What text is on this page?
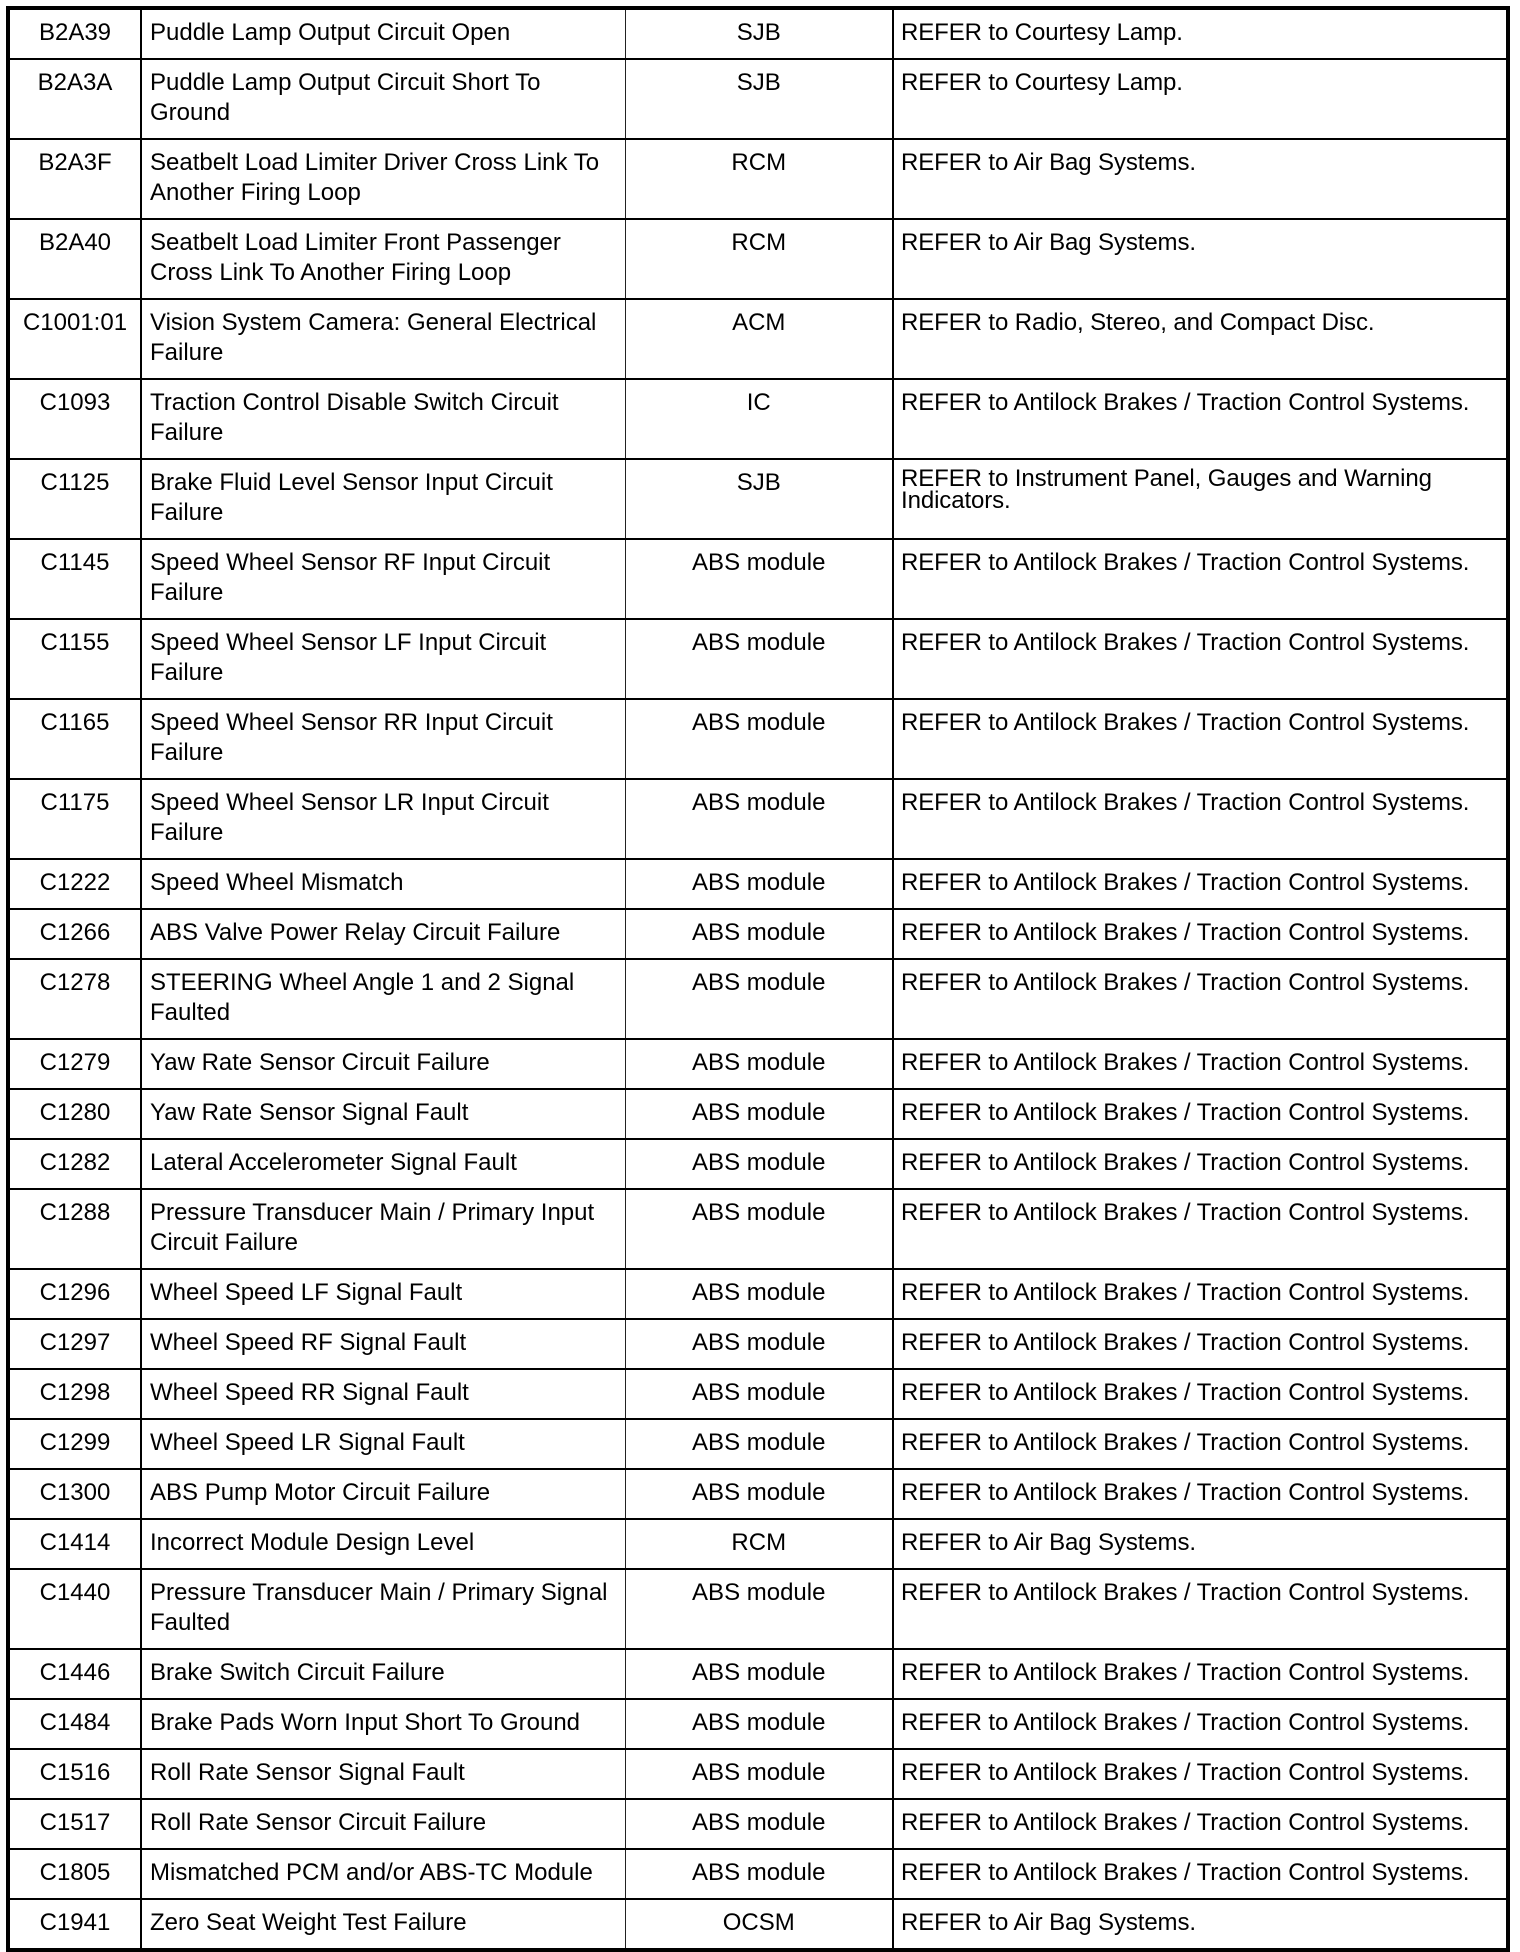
B2A39	Puddle Lamp Output Circuit Open	SJB	REFER to Courtesy Lamp.
B2A3A	Puddle Lamp Output Circuit Short To Ground	SJB	REFER to Courtesy Lamp.
B2A3F	Seatbelt Load Limiter Driver Cross Link To Another Firing Loop	RCM	REFER to Air Bag Systems.
B2A40	Seatbelt Load Limiter Front Passenger Cross Link To Another Firing Loop	RCM	REFER to Air Bag Systems.
C1001:01	Vision System Camera: General Electrical Failure	ACM	REFER to Radio, Stereo, and Compact Disc.
C1093	Traction Control Disable Switch Circuit Failure	IC	REFER to Antilock Brakes / Traction Control Systems.
C1125	Brake Fluid Level Sensor Input Circuit Failure	SJB	REFER to Instrument Panel, Gauges and Warning Indicators.
C1145	Speed Wheel Sensor RF Input Circuit Failure	ABS module	REFER to Antilock Brakes / Traction Control Systems.
C1155	Speed Wheel Sensor LF Input Circuit Failure	ABS module	REFER to Antilock Brakes / Traction Control Systems.
C1165	Speed Wheel Sensor RR Input Circuit Failure	ABS module	REFER to Antilock Brakes / Traction Control Systems.
C1175	Speed Wheel Sensor LR Input Circuit Failure	ABS module	REFER to Antilock Brakes / Traction Control Systems.
C1222	Speed Wheel Mismatch	ABS module	REFER to Antilock Brakes / Traction Control Systems.
C1266	ABS Valve Power Relay Circuit Failure	ABS module	REFER to Antilock Brakes / Traction Control Systems.
C1278	STEERING Wheel Angle 1 and 2 Signal Faulted	ABS module	REFER to Antilock Brakes / Traction Control Systems.
C1279	Yaw Rate Sensor Circuit Failure	ABS module	REFER to Antilock Brakes / Traction Control Systems.
C1280	Yaw Rate Sensor Signal Fault	ABS module	REFER to Antilock Brakes / Traction Control Systems.
C1282	Lateral Accelerometer Signal Fault	ABS module	REFER to Antilock Brakes / Traction Control Systems.
C1288	Pressure Transducer Main / Primary Input Circuit Failure	ABS module	REFER to Antilock Brakes / Traction Control Systems.
C1296	Wheel Speed LF Signal Fault	ABS module	REFER to Antilock Brakes / Traction Control Systems.
C1297	Wheel Speed RF Signal Fault	ABS module	REFER to Antilock Brakes / Traction Control Systems.
C1298	Wheel Speed RR Signal Fault	ABS module	REFER to Antilock Brakes / Traction Control Systems.
C1299	Wheel Speed LR Signal Fault	ABS module	REFER to Antilock Brakes / Traction Control Systems.
C1300	ABS Pump Motor Circuit Failure	ABS module	REFER to Antilock Brakes / Traction Control Systems.
C1414	Incorrect Module Design Level	RCM	REFER to Air Bag Systems.
C1440	Pressure Transducer Main / Primary Signal Faulted	ABS module	REFER to Antilock Brakes / Traction Control Systems.
C1446	Brake Switch Circuit Failure	ABS module	REFER to Antilock Brakes / Traction Control Systems.
C1484	Brake Pads Worn Input Short To Ground	ABS module	REFER to Antilock Brakes / Traction Control Systems.
C1516	Roll Rate Sensor Signal Fault	ABS module	REFER to Antilock Brakes / Traction Control Systems.
C1517	Roll Rate Sensor Circuit Failure	ABS module	REFER to Antilock Brakes / Traction Control Systems.
C1805	Mismatched PCM and/or ABS-TC Module	ABS module	REFER to Antilock Brakes / Traction Control Systems.
C1941	Zero Seat Weight Test Failure	OCSM	REFER to Air Bag Systems.
